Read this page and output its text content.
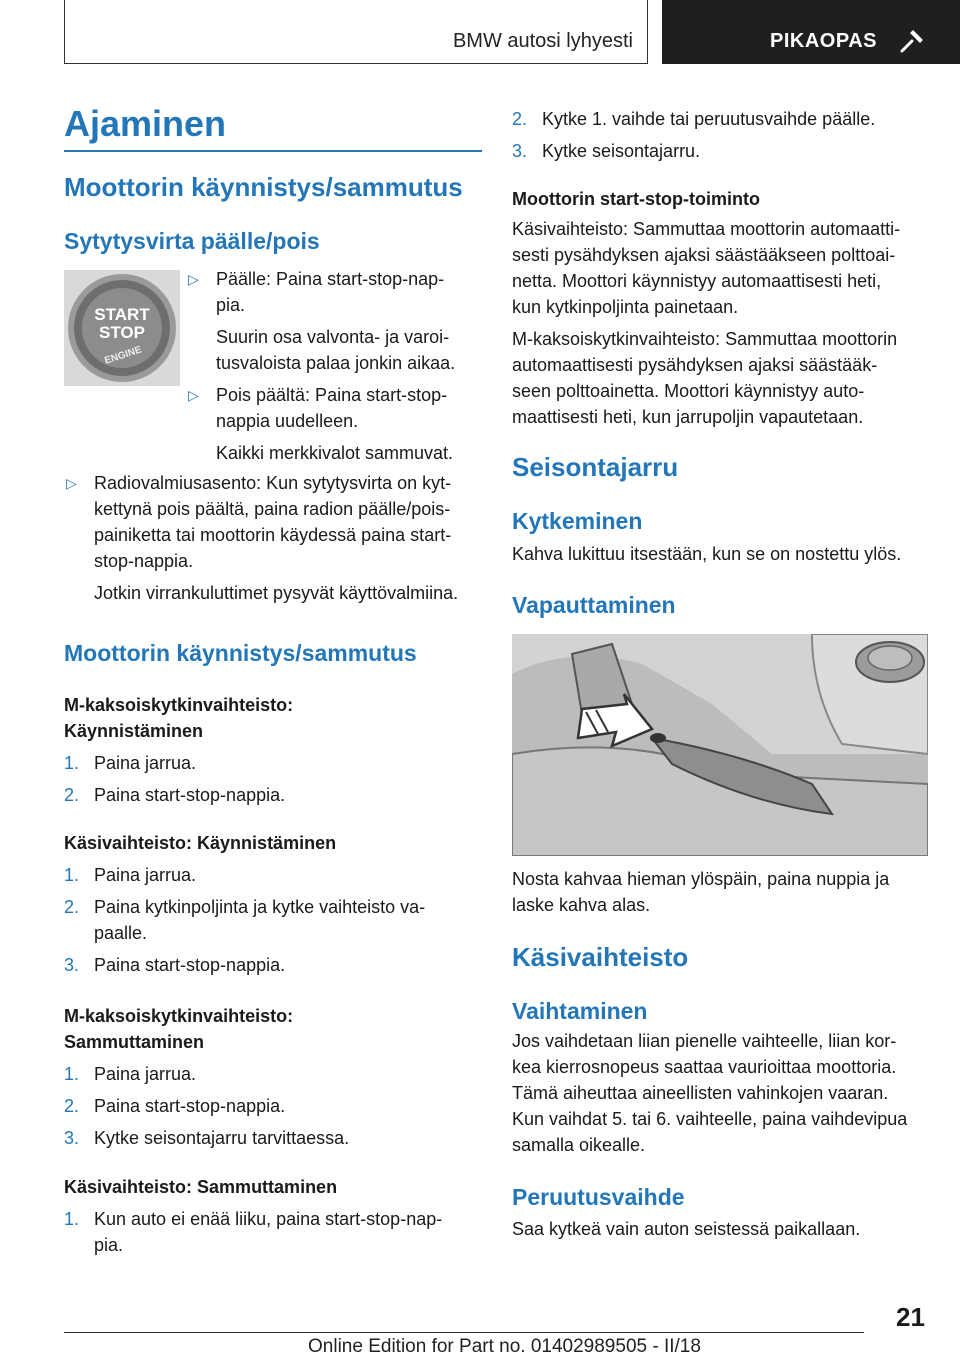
BMW autosi lyhyesti	PIKAOPAS
Ajaminen
Moottorin käynnistys/sammutus
Sytytysvirta päälle/pois
START
STOP
ENGINE
▷ Päälle: Paina start-stop-nap-
pia.
Suurin osa valvonta- ja varoi-
tusvaloista palaa jonkin aikaa.
▷ Pois päältä: Paina start-stop-
nappia uudelleen.
Kaikki merkkivalot sammuvat.
▷ Radiovalmiusasento: Kun sytytysvirta on kyt-
kettynä pois päältä, paina radion päälle/pois-
painiketta tai moottorin käydessä paina start-
stop-nappia.
Jotkin virrankuluttimet pysyvät käyttövalmiina.
Moottorin käynnistys/sammutus
M-kaksoiskytkinvaihteisto:
Käynnistäminen
1. Paina jarrua.
2. Paina start-stop-nappia.
Käsivaihteisto: Käynnistäminen
1. Paina jarrua.
2. Paina kytkinpoljinta ja kytke vaihteisto va-
paalle.
3. Paina start-stop-nappia.
M-kaksoiskytkinvaihteisto:
Sammuttaminen
1. Paina jarrua.
2. Paina start-stop-nappia.
3. Kytke seisontajarru tarvittaessa.
Käsivaihteisto: Sammuttaminen
1. Kun auto ei enää liiku, paina start-stop-nap-
pia.
2. Kytke 1. vaihde tai peruutusvaihde päälle.
3. Kytke seisontajarru.
Moottorin start-stop-toiminto
Käsivaihteisto: Sammuttaa moottorin automaatti-
sesti pysähdyksen ajaksi säästääkseen polttoai-
netta. Moottori käynnistyy automaattisesti heti,
kun kytkinpoljinta painetaan.
M-kaksoiskytkinvaihteisto: Sammuttaa moottorin
automaattisesti pysähdyksen ajaksi säästääk-
seen polttoainetta. Moottori käynnistyy auto-
maattisesti heti, kun jarrupoljin vapautetaan.
Seisontajarru
Kytkeminen
Kahva lukittuu itsestään, kun se on nostettu ylös.
Vapauttaminen
Nosta kahvaa hieman ylöspäin, paina nuppia ja
laske kahva alas.
Käsivaihteisto
Vaihtaminen
Jos vaihdetaan liian pienelle vaihteelle, liian kor-
kea kierrosnopeus saattaa vaurioittaa moottoria.
Tämä aiheuttaa aineellisten vahinkojen vaaran.
Kun vaihdat 5. tai 6. vaihteelle, paina vaihdevipua
samalla oikealle.
Peruutusvaihde
Saa kytkeä vain auton seistessä paikallaan.
21
Online Edition for Part no. 01402989505 - II/18
